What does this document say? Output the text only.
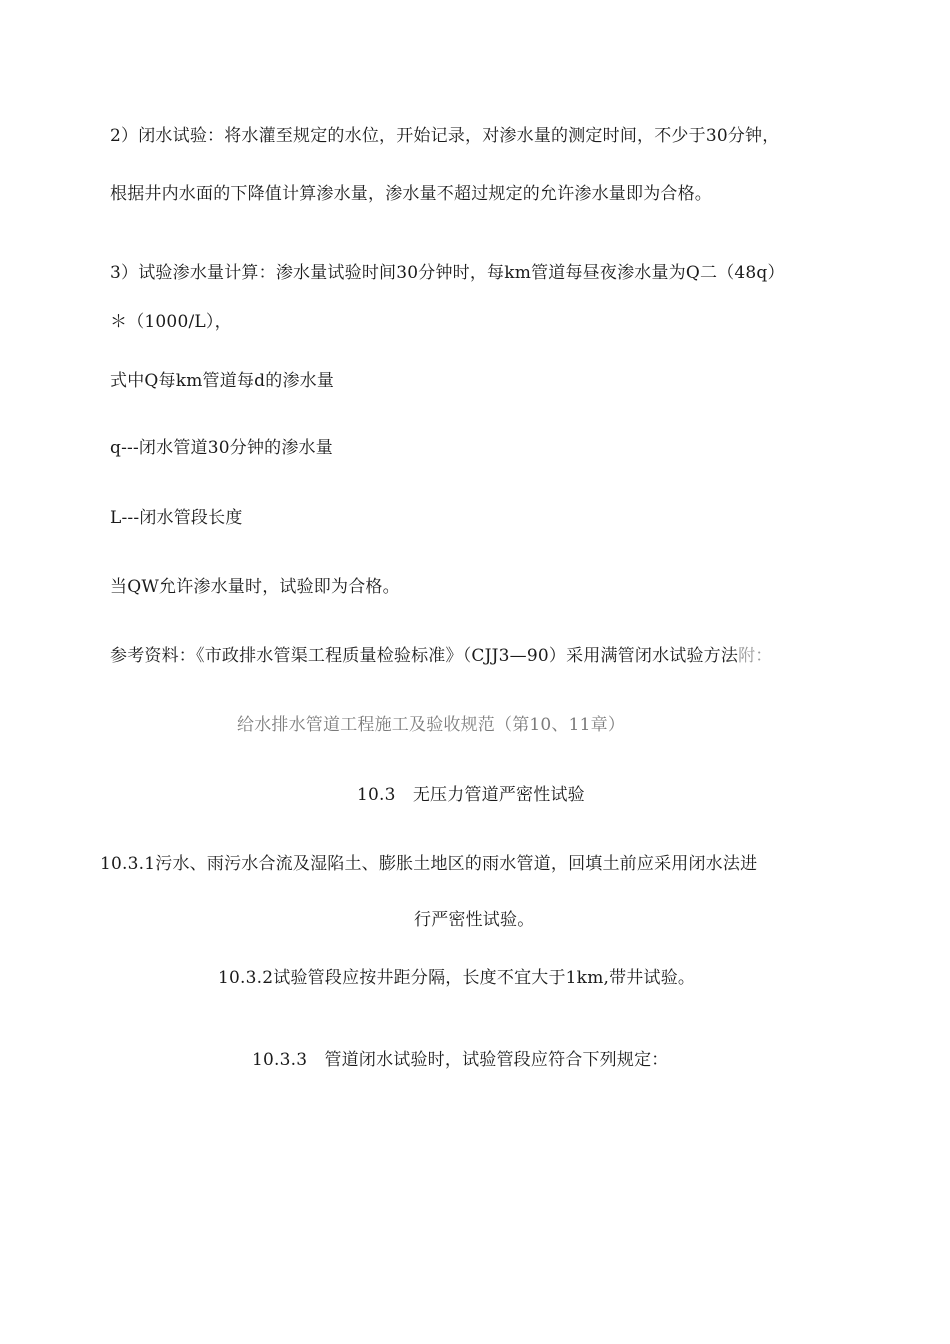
2）闭水试验：将水灌至规定的水位，开始记录，对渗水量的测定时间，不少于30分钟，
根据井内水面的下降值计算渗水量，渗水量不超过规定的允许渗水量即为合格。
3）试验渗水量计算：渗水量试验时间30分钟时，每km管道每昼夜渗水量为Q二（48q）
＊（1000/L），
式中Q每km管道每d的渗水量
q---闭水管道30分钟的渗水量
L---闭水管段长度
当QW允许渗水量时，试验即为合格。
参考资料：《市政排水管渠工程质量检验标准》（CJJ3—90）采用满管闭水试验方法附：
给水排水管道工程施工及验收规范（第10、11章）
10.3　无压力管道严密性试验
10.3.1污水、雨污水合流及湿陷土、膨胀土地区的雨水管道，回填土前应采用闭水法进
行严密性试验。
10.3.2试验管段应按井距分隔，长度不宜大于1km,带井试验。
10.3.3　管道闭水试验时，试验管段应符合下列规定：
